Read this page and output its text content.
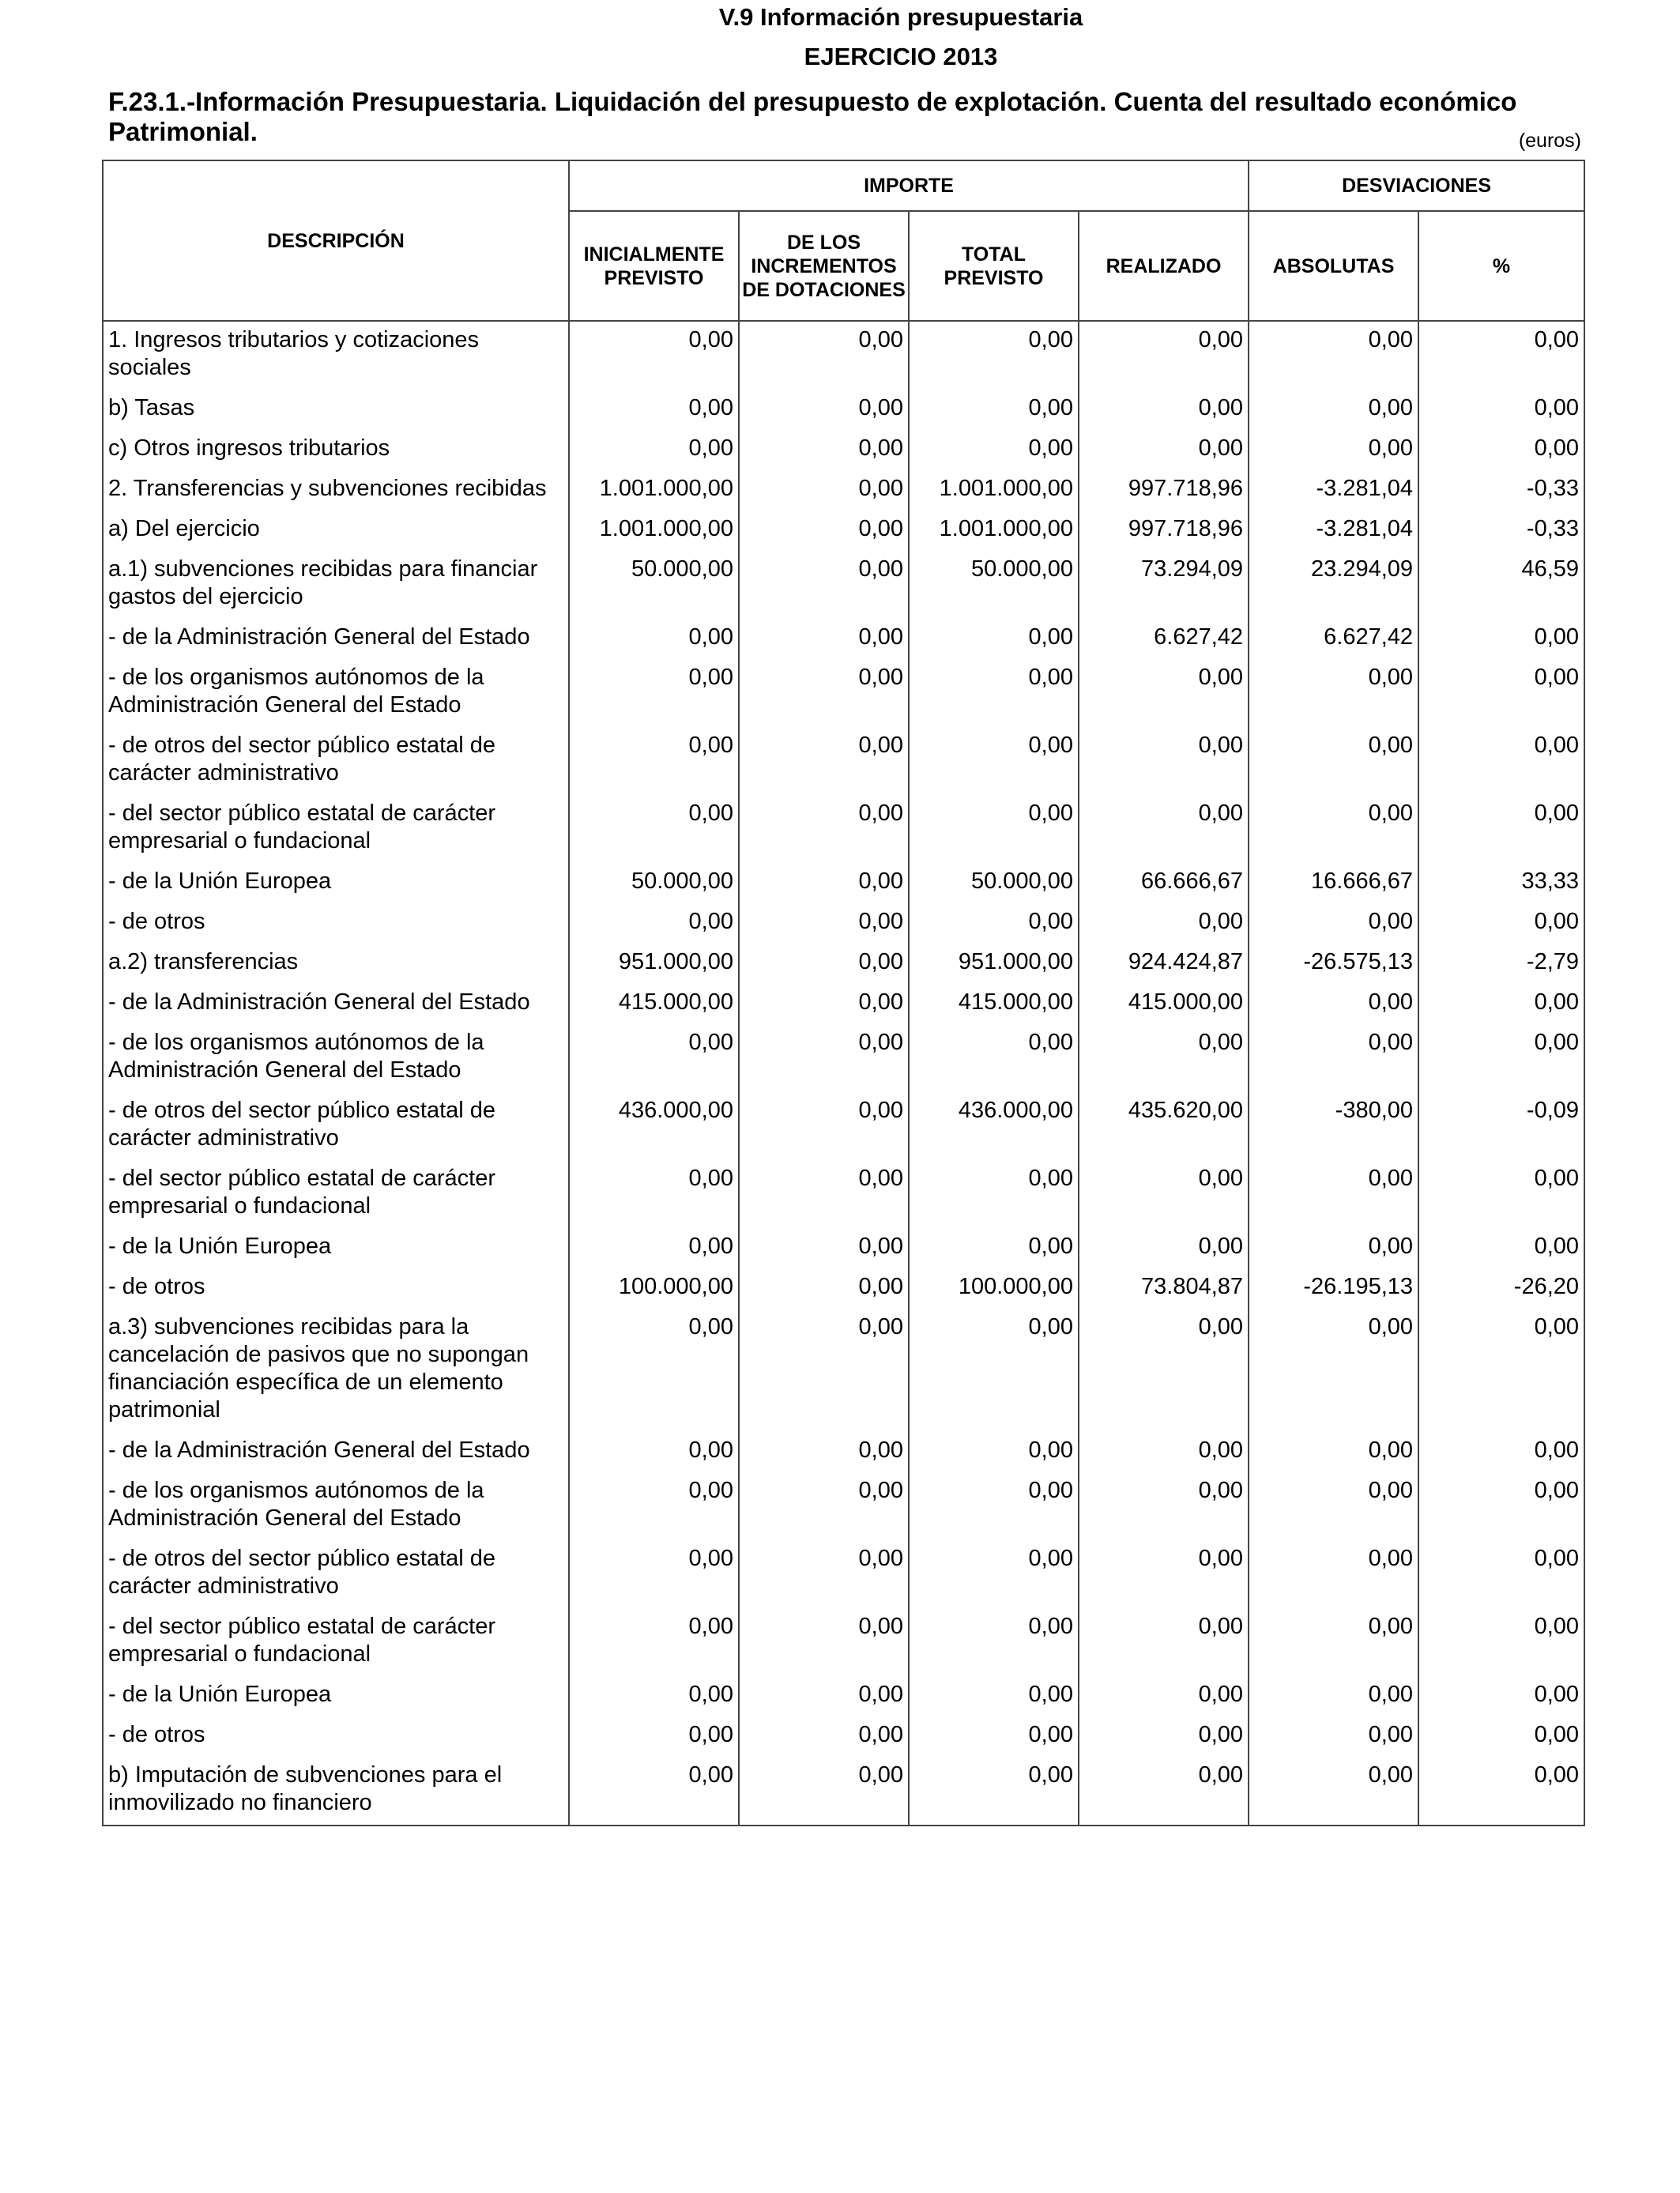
V.9 Información presupuestaria
EJERCICIO 2013
F.23.1.-Información Presupuestaria. Liquidación del presupuesto de explotación. Cuenta del resultado económico Patrimonial.	(euros)
DESCRIPCIÓN	IMPORTE				DESVIACIONES	
	INICIALMENTE PREVISTO	DE LOS INCREMENTOS DE DOTACIONES	TOTAL PREVISTO	REALIZADO	ABSOLUTAS	%
1. Ingresos tributarios y cotizaciones sociales	0,00	0,00	0,00	0,00	0,00	0,00
b) Tasas	0,00	0,00	0,00	0,00	0,00	0,00
c) Otros ingresos tributarios	0,00	0,00	0,00	0,00	0,00	0,00
2. Transferencias y subvenciones recibidas	1.001.000,00	0,00	1.001.000,00	997.718,96	-3.281,04	-0,33
a) Del ejercicio	1.001.000,00	0,00	1.001.000,00	997.718,96	-3.281,04	-0,33
a.1) subvenciones recibidas para financiar gastos del ejercicio	50.000,00	0,00	50.000,00	73.294,09	23.294,09	46,59
- de la Administración General del Estado	0,00	0,00	0,00	6.627,42	6.627,42	0,00
- de los organismos autónomos de la Administración General del Estado	0,00	0,00	0,00	0,00	0,00	0,00
- de otros del sector público estatal de carácter administrativo	0,00	0,00	0,00	0,00	0,00	0,00
- del sector público estatal de carácter empresarial o fundacional	0,00	0,00	0,00	0,00	0,00	0,00
- de la Unión Europea	50.000,00	0,00	50.000,00	66.666,67	16.666,67	33,33
- de otros	0,00	0,00	0,00	0,00	0,00	0,00
a.2) transferencias	951.000,00	0,00	951.000,00	924.424,87	-26.575,13	-2,79
- de la Administración General del Estado	415.000,00	0,00	415.000,00	415.000,00	0,00	0,00
- de los organismos autónomos de la Administración General del Estado	0,00	0,00	0,00	0,00	0,00	0,00
- de otros del sector público estatal de carácter administrativo	436.000,00	0,00	436.000,00	435.620,00	-380,00	-0,09
- del sector público estatal de carácter empresarial o fundacional	0,00	0,00	0,00	0,00	0,00	0,00
- de la Unión Europea	0,00	0,00	0,00	0,00	0,00	0,00
- de otros	100.000,00	0,00	100.000,00	73.804,87	-26.195,13	-26,20
a.3) subvenciones recibidas para la cancelación de pasivos que no supongan financiación específica de un elemento patrimonial	0,00	0,00	0,00	0,00	0,00	0,00
- de la Administración General del Estado	0,00	0,00	0,00	0,00	0,00	0,00
- de los organismos autónomos de la Administración General del Estado	0,00	0,00	0,00	0,00	0,00	0,00
- de otros del sector público estatal de carácter administrativo	0,00	0,00	0,00	0,00	0,00	0,00
- del sector público estatal de carácter empresarial o fundacional	0,00	0,00	0,00	0,00	0,00	0,00
- de la Unión Europea	0,00	0,00	0,00	0,00	0,00	0,00
- de otros	0,00	0,00	0,00	0,00	0,00	0,00
b) Imputación de subvenciones para el inmovilizado no financiero	0,00	0,00	0,00	0,00	0,00	0,00
